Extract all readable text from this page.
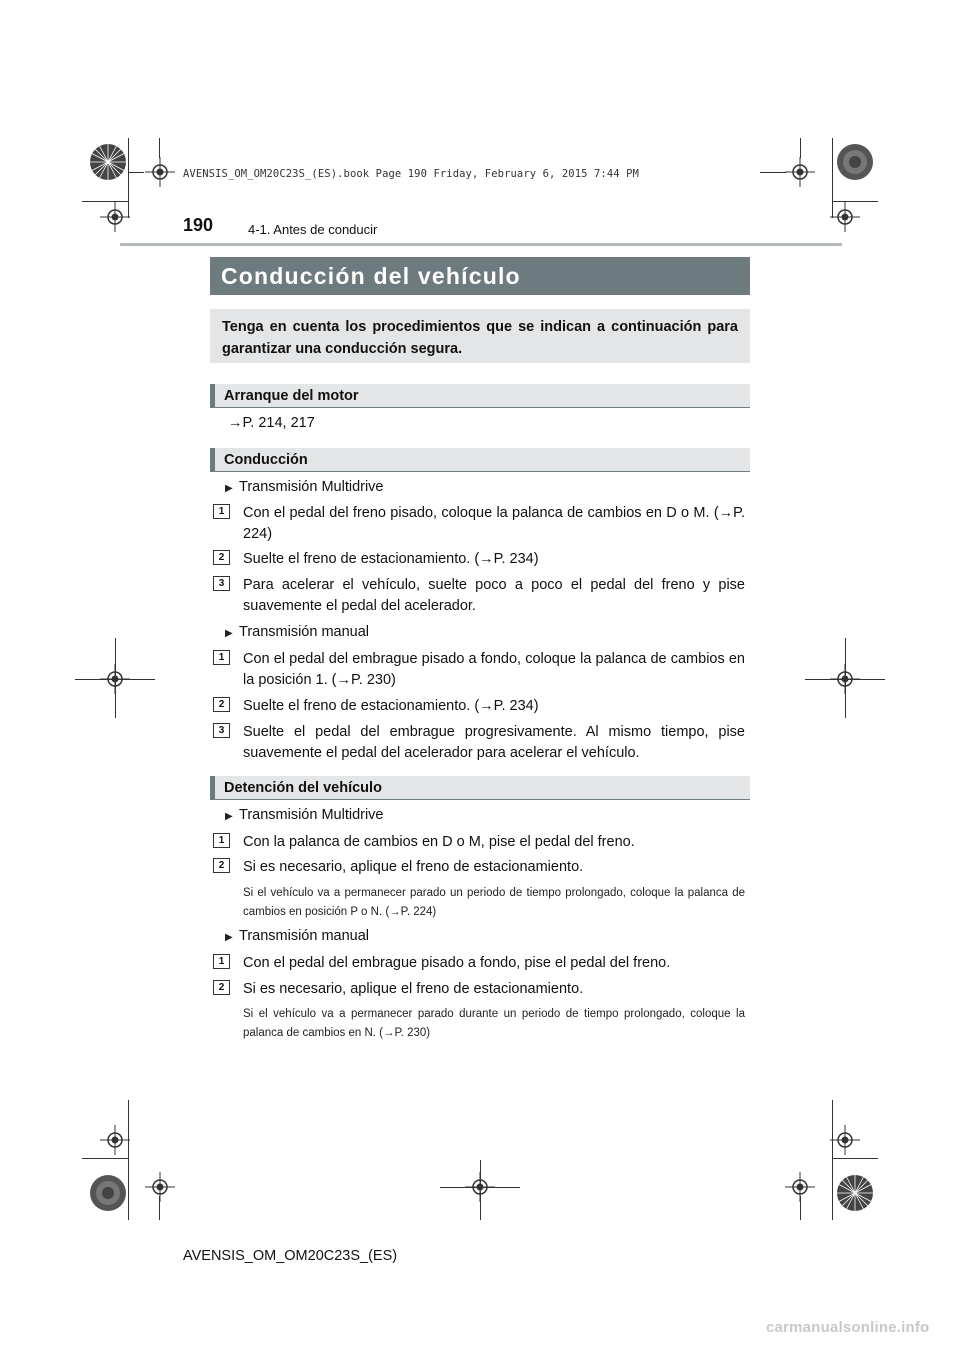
AVENSIS_OM_OM20C23S_(ES).book Page 190 Friday, February 6, 2015 7:44 PM
190	4-1. Antes de conducir
Conducción del vehículo
Tenga en cuenta los procedimientos que se indican a continuación para garantizar una conducción segura.
Arranque del motor
→P. 214, 217
Conducción
▶ Transmisión Multidrive
1	Con el pedal del freno pisado, coloque la palanca de cambios en D o M. (→P. 224)
2	Suelte el freno de estacionamiento. (→P. 234)
3	Para acelerar el vehículo, suelte poco a poco el pedal del freno y pise suavemente el pedal del acelerador.
▶ Transmisión manual
1	Con el pedal del embrague pisado a fondo, coloque la palanca de cambios en la posición 1. (→P. 230)
2	Suelte el freno de estacionamiento. (→P. 234)
3	Suelte el pedal del embrague progresivamente. Al mismo tiempo, pise suavemente el pedal del acelerador para acelerar el vehículo.
Detención del vehículo
▶ Transmisión Multidrive
1	Con la palanca de cambios en D o M, pise el pedal del freno.
2	Si es necesario, aplique el freno de estacionamiento.
Si el vehículo va a permanecer parado un periodo de tiempo prolongado, coloque la palanca de cambios en posición P o N. (→P. 224)
▶ Transmisión manual
1	Con el pedal del embrague pisado a fondo, pise el pedal del freno.
2	Si es necesario, aplique el freno de estacionamiento.
Si el vehículo va a permanecer parado durante un periodo de tiempo prolongado, coloque la palanca de cambios en N. (→P. 230)
AVENSIS_OM_OM20C23S_(ES)
carmanualsonline.info
